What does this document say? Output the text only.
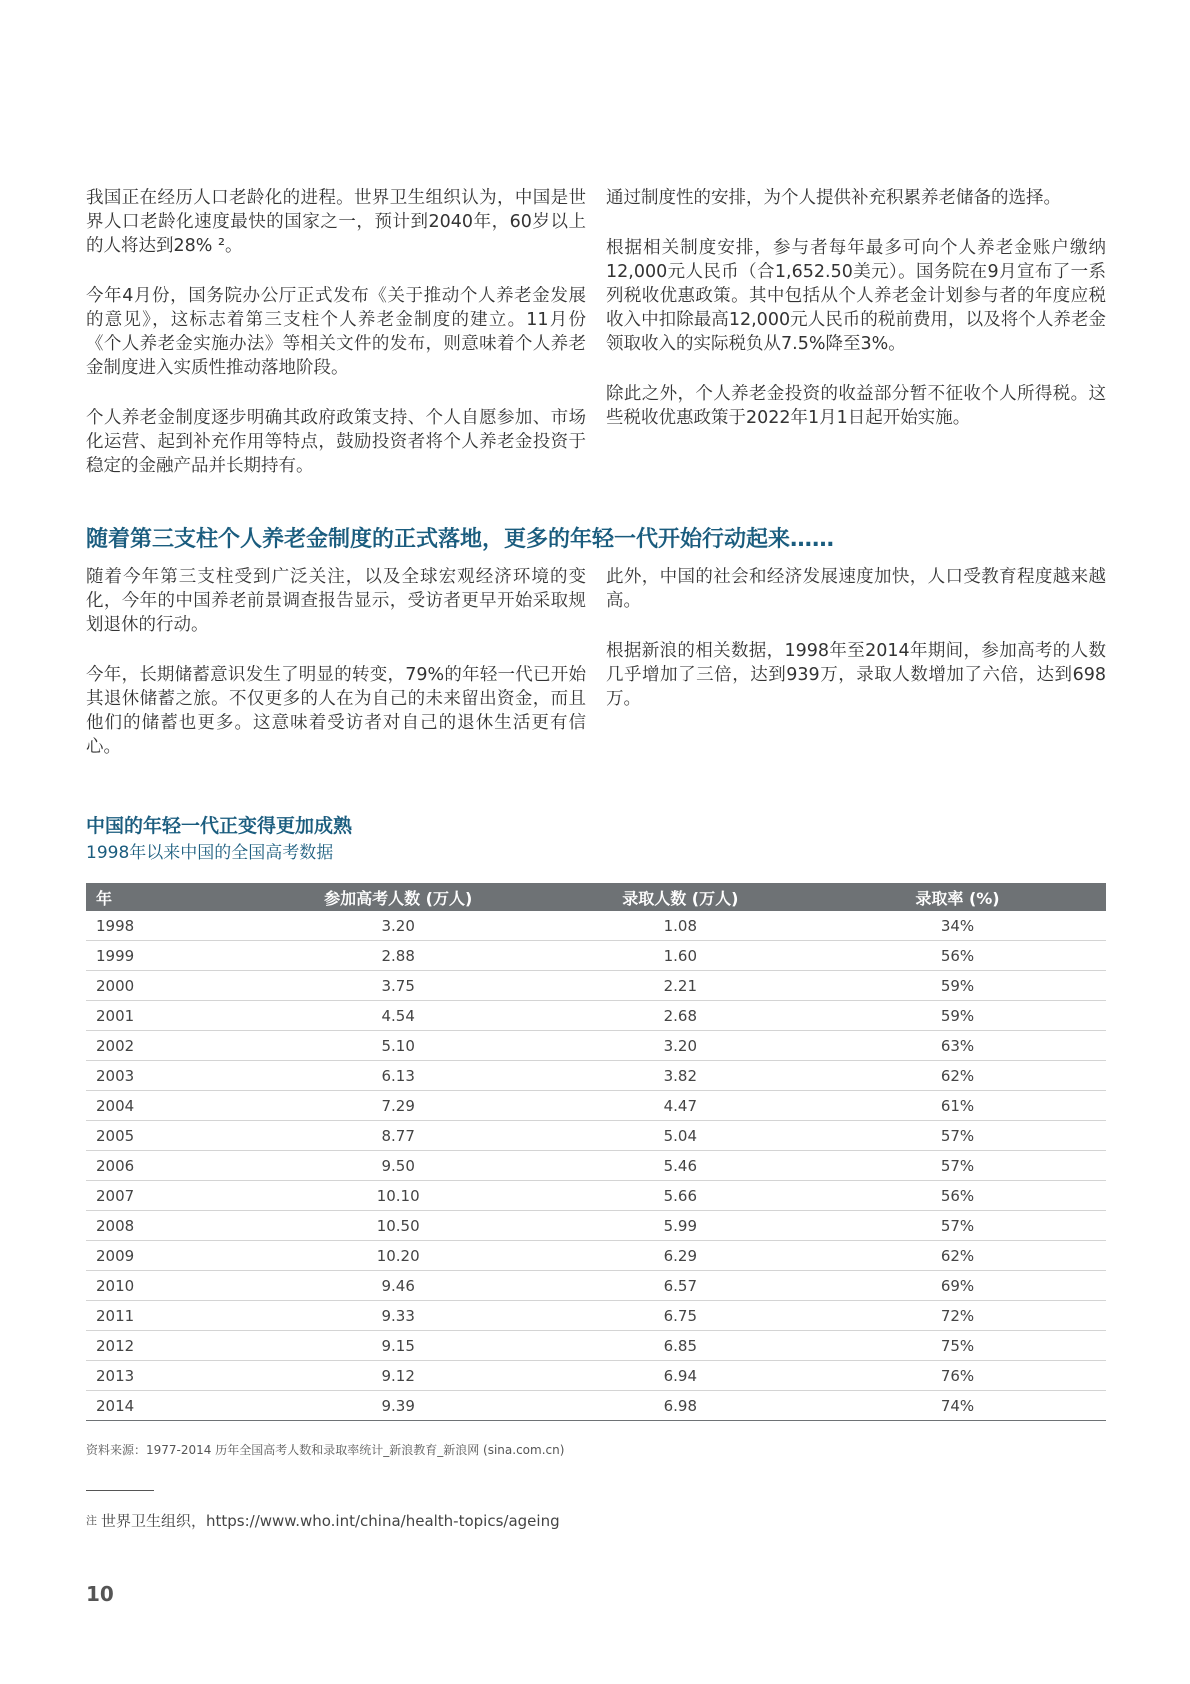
我国正在经历人口老龄化的进程。世界卫生组织认为，中国是世界人口老龄化速度最快的国家之一，预计到2040年，60岁以上的人将达到28% ²。

今年4月份，国务院办公厅正式发布《关于推动个人养老金发展的意见》，这标志着第三支柱个人养老金制度的建立。11月份《个人养老金实施办法》等相关文件的发布，则意味着个人养老金制度进入实质性推动落地阶段。

个人养老金制度逐步明确其政府政策支持、个人自愿参加、市场化运营、起到补充作用等特点，鼓励投资者将个人养老金投资于稳定的金融产品并长期持有。

通过制度性的安排，为个人提供补充积累养老储备的选择。

根据相关制度安排，参与者每年最多可向个人养老金账户缴纳12,000元人民币（合1,652.50美元）。国务院在9月宣布了一系列税收优惠政策。其中包括从个人养老金计划参与者的年度应税收入中扣除最高12,000元人民币的税前费用，以及将个人养老金领取收入的实际税负从7.5%降至3%。

除此之外，个人养老金投资的收益部分暂不征收个人所得税。这些税收优惠政策于2022年1月1日起开始实施。

随着第三支柱个人养老金制度的正式落地，更多的年轻一代开始行动起来……

随着今年第三支柱受到广泛关注，以及全球宏观经济环境的变化，今年的中国养老前景调查报告显示，受访者更早开始采取规划退休的行动。

今年，长期储蓄意识发生了明显的转变，79%的年轻一代已开始其退休储蓄之旅。不仅更多的人在为自己的未来留出资金，而且他们的储蓄也更多。这意味着受访者对自己的退休生活更有信心。

此外，中国的社会和经济发展速度加快，人口受教育程度越来越高。

根据新浪的相关数据，1998年至2014年期间，参加高考的人数几乎增加了三倍，达到939万，录取人数增加了六倍，达到698万。

中国的年轻一代正变得更加成熟

1998年以来中国的全国高考数据

年	参加高考人数 (万人)	录取人数 (万人)	录取率 (%)
1998	3.20	1.08	34%
1999	2.88	1.60	56%
2000	3.75	2.21	59%
2001	4.54	2.68	59%
2002	5.10	3.20	63%
2003	6.13	3.82	62%
2004	7.29	4.47	61%
2005	8.77	5.04	57%
2006	9.50	5.46	57%
2007	10.10	5.66	56%
2008	10.50	5.99	57%
2009	10.20	6.29	62%
2010	9.46	6.57	69%
2011	9.33	6.75	72%
2012	9.15	6.85	75%
2013	9.12	6.94	76%
2014	9.39	6.98	74%

资料来源：1977-2014 历年全国高考人数和录取率统计_新浪教育_新浪网 (sina.com.cn)

注 世界卫生组织，https://www.who.int/china/health-topics/ageing

10
